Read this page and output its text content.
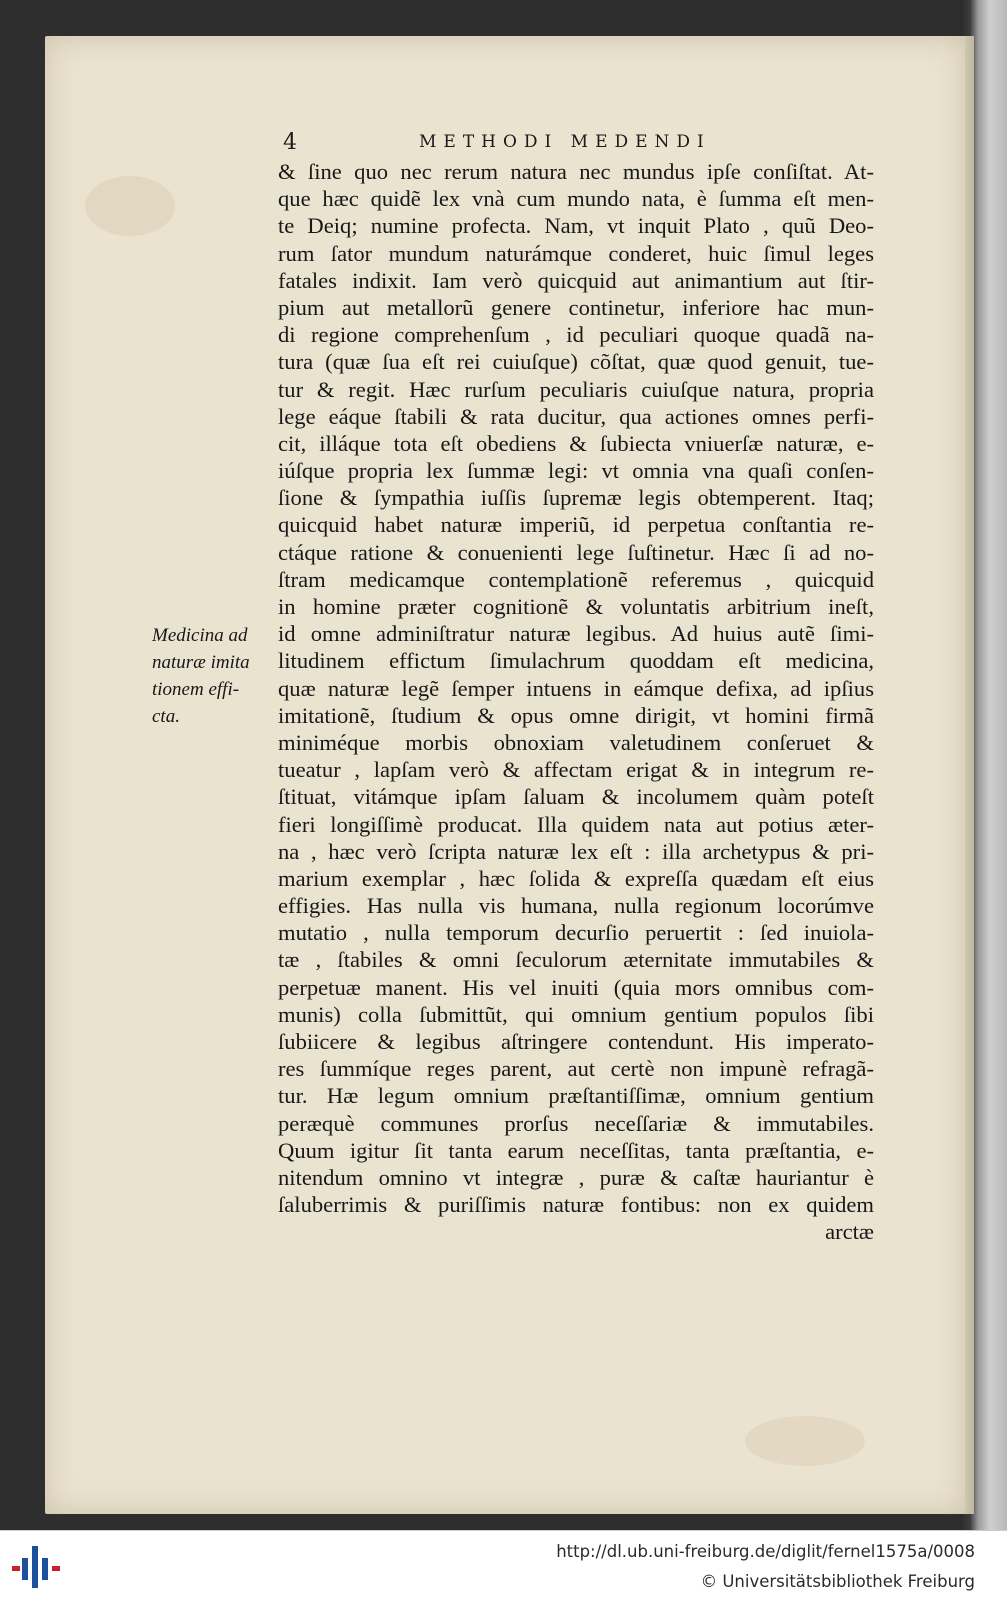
4	METHODI MEDENDI
& ſine quo nec rerum natura nec mundus ipſe conſiſtat. At-
que hæc quidẽ lex vnà cum mundo nata, è ſumma eſt men-
te Deiq; numine profecta. Nam, vt inquit Plato , quũ Deo-
rum ſator mundum naturámque conderet, huic ſimul leges
fatales indixit. Iam verò quicquid aut animantium aut ſtir-
pium aut metallorũ genere continetur, inferiore hac mun-
di regione comprehenſum , id peculiari quoque quadã na-
tura (quæ ſua eſt rei cuiuſque) cõſtat, quæ quod genuit, tue-
tur & regit. Hæc rurſum peculiaris cuiuſque natura, propria
lege eáque ſtabili & rata ducitur, qua actiones omnes perfi-
cit, illáque tota eſt obediens & ſubiecta vniuerſæ naturæ, e-
iúſque propria lex ſummæ legi: vt omnia vna quaſi conſen-
ſione & ſympathia iuſſis ſupremæ legis obtemperent. Itaq;
quicquid habet naturæ imperiũ, id perpetua conſtantia re-
ctáque ratione & conuenienti lege ſuſtinetur. Hæc ſi ad no-
ſtram medicamque contemplationẽ referemus , quicquid
in homine præter cognitionẽ & voluntatis arbitrium ineſt,
id omne adminiſtratur naturæ legibus. Ad huius autẽ ſimi-
litudinem effictum ſimulachrum quoddam eſt medicina,
quæ naturæ legẽ ſemper intuens in eámque defixa, ad ipſius
imitationẽ, ſtudium & opus omne dirigit, vt homini firmã
miniméque morbis obnoxiam valetudinem conſeruet &
tueatur , lapſam verò & affectam erigat & in integrum re-
ſtituat, vitámque ipſam ſaluam & incolumem quàm poteſt
fieri longiſſimè producat. Illa quidem nata aut potius æter-
na , hæc verò ſcripta naturæ lex eſt : illa archetypus & pri-
marium exemplar , hæc ſolida & expreſſa quædam eſt eius
effigies. Has nulla vis humana, nulla regionum locorúmve
mutatio , nulla temporum decurſio peruertit : ſed inuiola-
tæ , ſtabiles & omni ſeculorum æternitate immutabiles &
perpetuæ manent. His vel inuiti (quia mors omnibus com-
munis) colla ſubmittũt, qui omnium gentium populos ſibi
ſubiicere & legibus aſtringere contendunt. His imperato-
res ſummíque reges parent, aut certè non impunè refragã-
tur. Hæ legum omnium præſtantiſſimæ, omnium gentium
peræquè communes prorſus neceſſariæ & immutabiles.
Quum igitur ſit tanta earum neceſſitas, tanta præſtantia, e-
nitendum omnino vt integræ , puræ & caſtæ hauriantur è
ſaluberrimis & puriſſimis naturæ fontibus: non ex quidem
arctæ
Medicina ad
naturæ imita
tionem effi-
cta.
http://dl.ub.uni-freiburg.de/diglit/fernel1575a/0008
© Universitätsbibliothek Freiburg
